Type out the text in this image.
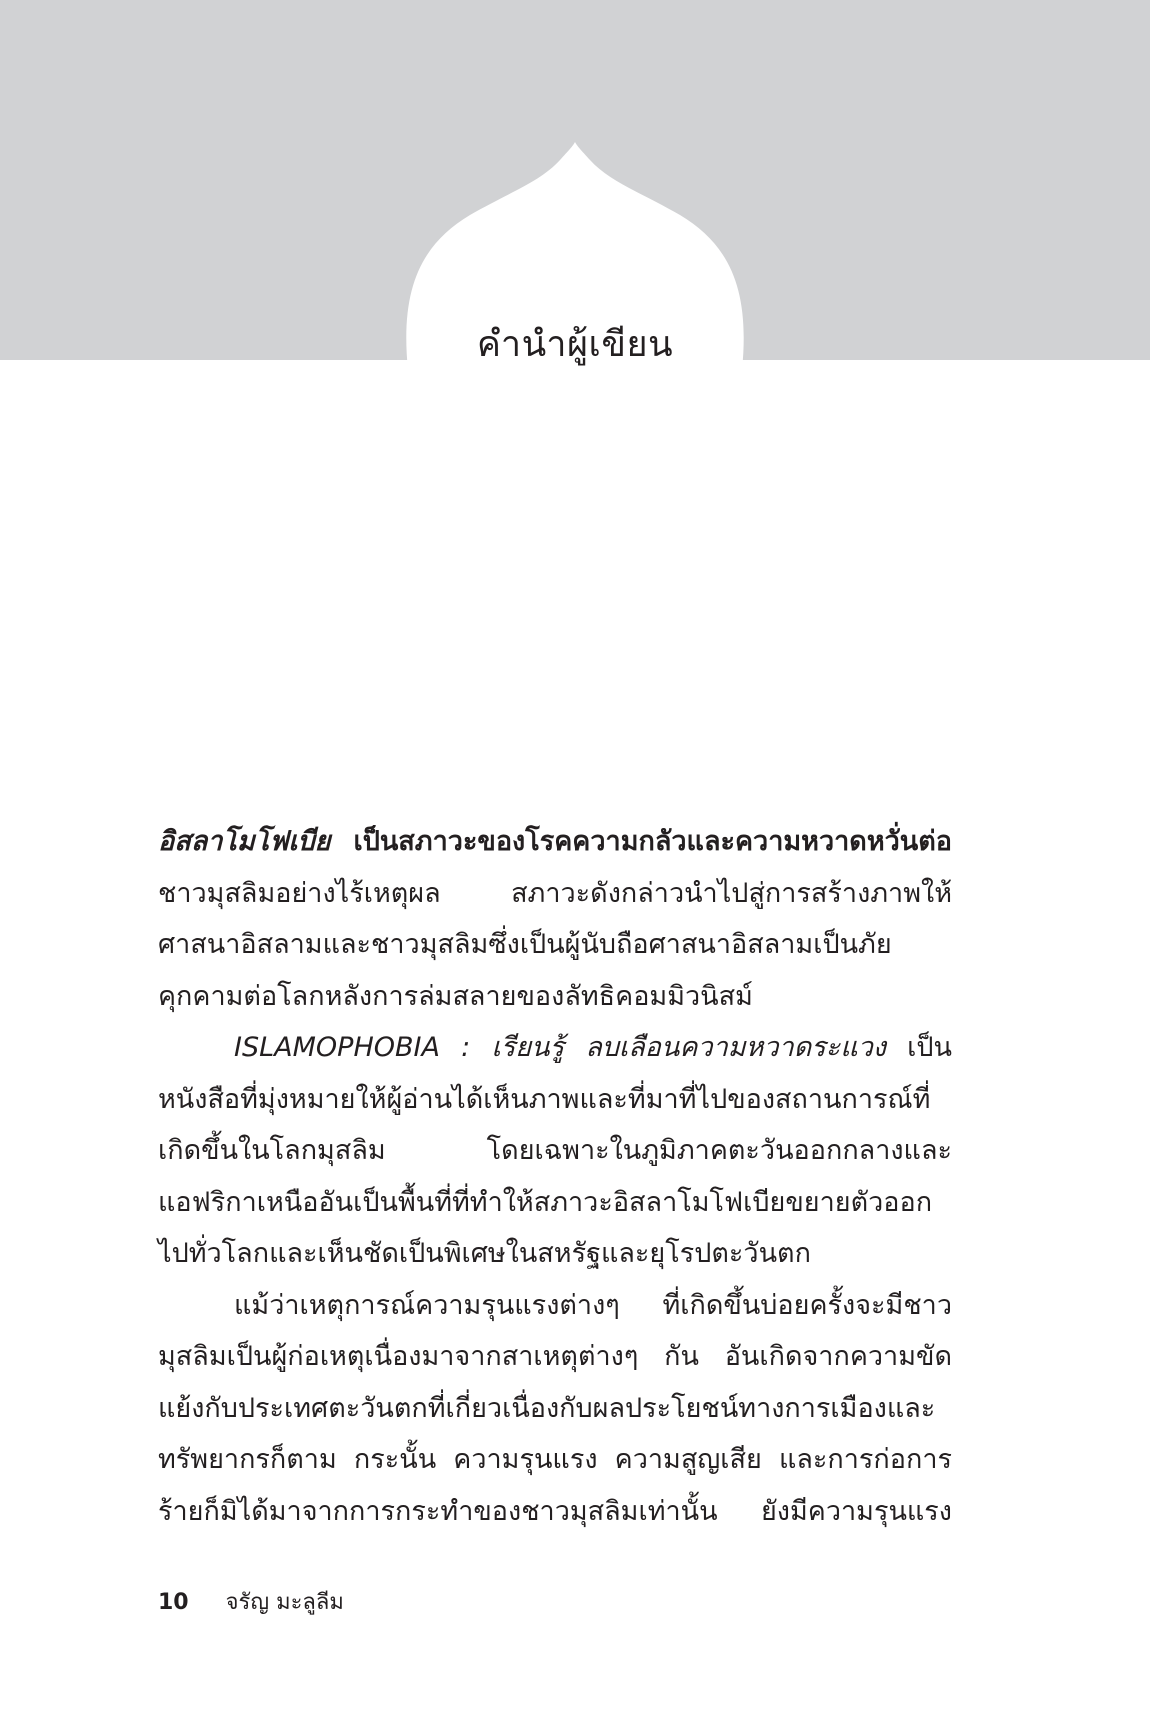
คำนำผู้เขียน

อิสลาโมโฟเบีย เป็นสภาวะของโรคความกลัวและความหวาดหวั่นต่อ ชาวมุสลิมอย่างไร้เหตุผล สภาวะดังกล่าวนำไปสู่การสร้างภาพให้ศาสนาอิสลามและชาวมุสลิมซึ่งเป็นผู้นับถือศาสนาอิสลามเป็นภัยคุกคามต่อโลกหลังการล่มสลายของลัทธิคอมมิวนิสม์

ISLAMOPHOBIA : เรียนรู้ ลบเลือนความหวาดระแวง เป็นหนังสือที่มุ่งหมายให้ผู้อ่านได้เห็นภาพและที่มาที่ไปของสถานการณ์ที่เกิดขึ้นในโลกมุสลิม โดยเฉพาะในภูมิภาคตะวันออกกลางและแอฟริกาเหนืออันเป็นพื้นที่ที่ทำให้สภาวะอิสลาโมโฟเบียขยายตัวออกไปทั่วโลกและเห็นชัดเป็นพิเศษในสหรัฐและยุโรปตะวันตก

แม้ว่าเหตุการณ์ความรุนแรงต่างๆ ที่เกิดขึ้นบ่อยครั้งจะมีชาวมุสลิมเป็นผู้ก่อเหตุเนื่องมาจากสาเหตุต่างๆ กัน อันเกิดจากความขัดแย้งกับประเทศตะวันตกที่เกี่ยวเนื่องกับผลประโยชน์ทางการเมืองและทรัพยากรก็ตาม กระนั้น ความรุนแรง ความสูญเสีย และการก่อการร้ายก็มิได้มาจากการกระทำของชาวมุสลิมเท่านั้น ยังมีความรุนแรง

10 จรัญ มะลูลีม
